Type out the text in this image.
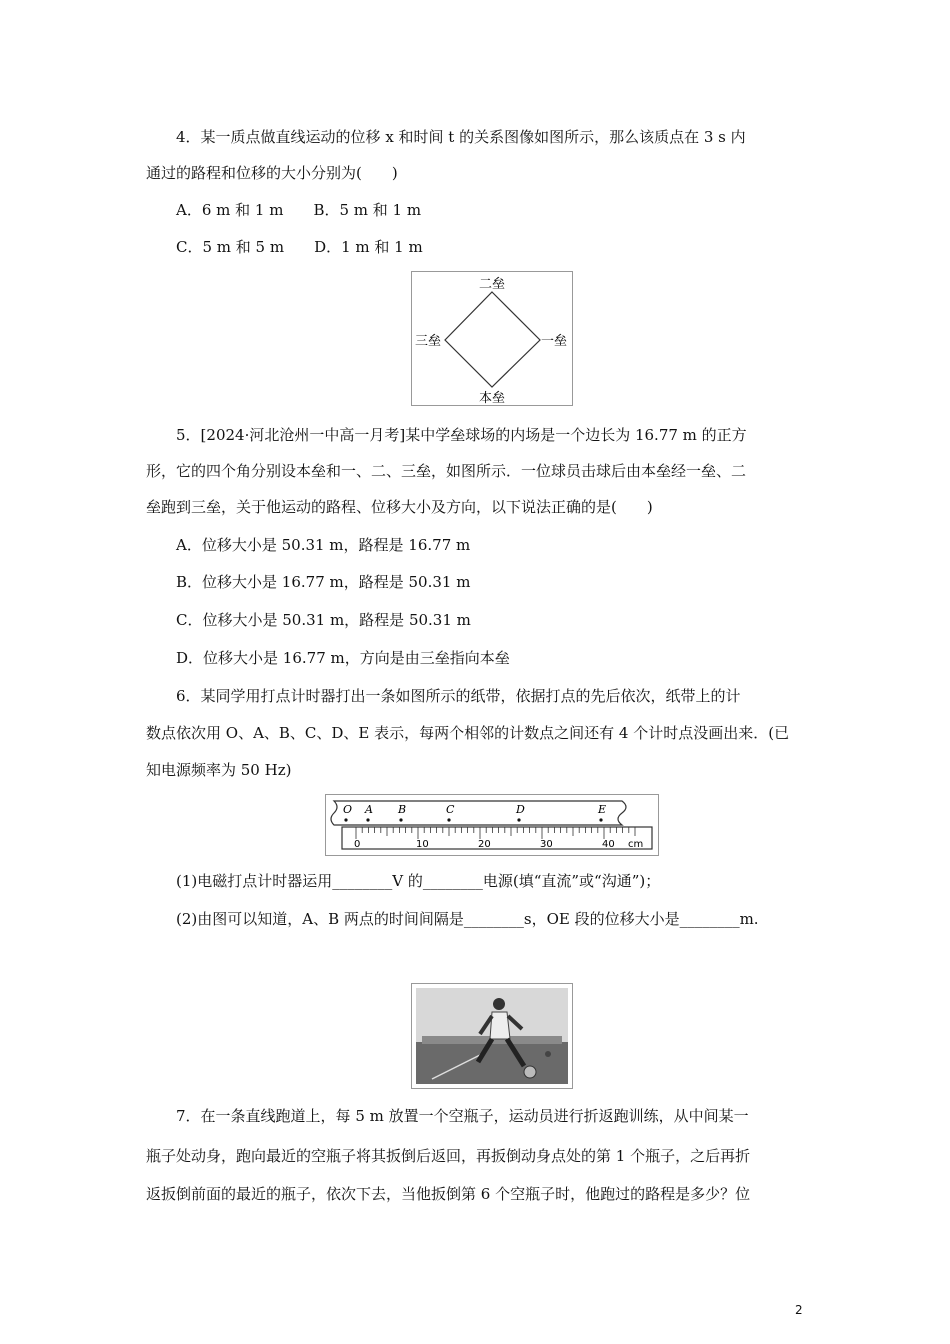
4．某一质点做直线运动的位移 x 和时间 t 的关系图像如图所示，那么该质点在 3 s 内
通过的路程和位移的大小分别为(　　)
A．6 m 和 1 m　　B．5 m 和 1 m
C．5 m 和 5 m　　D．1 m 和 1 m
二垒
三垒	一垒
本垒
5．[2024·河北沧州一中高一月考]某中学垒球场的内场是一个边长为 16.77 m 的正方
形，它的四个角分别设本垒和一、二、三垒，如图所示．一位球员击球后由本垒经一垒、二
垒跑到三垒，关于他运动的路程、位移大小及方向，以下说法正确的是(　　)
A．位移大小是 50.31 m，路程是 16.77 m
B．位移大小是 16.77 m，路程是 50.31 m
C．位移大小是 50.31 m，路程是 50.31 m
D．位移大小是 16.77 m，方向是由三垒指向本垒
6．某同学用打点计时器打出一条如图所示的纸带，依据打点的先后依次，纸带上的计
数点依次用 O、A、B、C、D、E 表示，每两个相邻的计数点之间还有 4 个计时点没画出来．(已
知电源频率为 50 Hz)
O A B	C	D	E
0	10	20	30	40 cm
(1)电磁打点计时器运用________V 的________电源(填“直流”或“沟通”)；
(2)由图可以知道，A、B 两点的时间间隔是________s，OE 段的位移大小是________m.
7．在一条直线跑道上，每 5 m 放置一个空瓶子，运动员进行折返跑训练，从中间某一
瓶子处动身，跑向最近的空瓶子将其扳倒后返回，再扳倒动身点处的第 1 个瓶子，之后再折
返扳倒前面的最近的瓶子，依次下去，当他扳倒第 6 个空瓶子时，他跑过的路程是多少？位
2
